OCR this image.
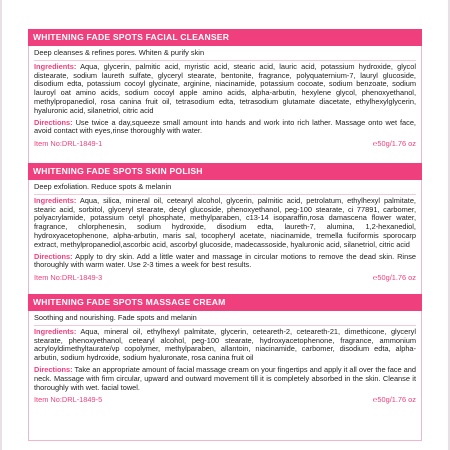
WHITENING FADE SPOTS FACIAL CLEANSER
Deep cleanses & refines pores. Whiten & purify skin
Ingredients: Aqua, glycerin, palmitic acid, myristic acid, stearic acid, lauric acid, potassium hydroxide, glycol distearate, sodium laureth sulfate, glyceryl stearate, bentonite, fragrance, polyquaternium-7, lauryl glucoside, disodium edta, potassium cocoyl glycinate, arginine, niacinamide, potassium cocoate, sodium benzoate, sodium lauroyl oat amino acids, sodium cocoyl apple amino acids, alpha-arbutin, hexylene glycol, phenoxyethanol, methylpropanediol, rosa canina fruit oil, tetrasodium edta, tetrasodium glutamate diacetate, ethylhexylglycerin, hyaluronic acid, silanetriol, citric acid
Directions: Use twice a day,squeeze small amount into hands and work into rich lather. Massage onto wet face, avoid contact with eyes,rinse thoroughly with water.
Item No:DRL-1849-1	℮50g/1.76 oz
WHITENING FADE SPOTS SKIN POLISH
Deep exfoliation. Reduce spots & melanin
Ingredients: Aqua, silica, mineral oil, cetearyl alcohol, glycerin, palmitic acid, petrolatum, ethylhexyl palmitate, stearic acid, sorbitol, glyceryl stearate, decyl glucoside, phenoxyethanol, peg-100 stearate, ci 77891, carbomer, polyacrylamide, potassium cetyl phosphate, methylparaben, c13-14 isoparaffin,rosa damascena flower water, fragrance, chlorphenesin, sodium hydroxide, disodium edta, laureth-7, alumina, 1,2-hexanediol, hydroxyacetophenone, alpha-arbutin, maris sal, tocopheryl acetate, niacinamide, tremella fuciformis sporocarp extract, methylpropanediol,ascorbic acid, ascorbyl glucoside, madecassoside, hyaluronic acid, silanetriol, citric acid
Directions: Apply to dry skin. Add a little water and massage in circular motions to remove the dead skin. Rinse thoroughly with warm water. Use 2-3 times a week for best results.
Item No:DRL-1849-3	℮50g/1.76 oz
WHITENING FADE SPOTS MASSAGE CREAM
Soothing and nourishing. Fade spots and melanin
Ingredients: Aqua, mineral oil, ethylhexyl palmitate, glycerin, ceteareth-2, ceteareth-21, dimethicone, glyceryl stearate, phenoxyethanol, cetearyl alcohol, peg-100 stearate, hydroxyacetophenone, fragrance, ammonium acryloyldimethyltaurate/vp copolymer, methylparaben, allantoin, niacinamide, carbomer, disodium edta, alpha-arbutin, sodium hydroxide, sodium hyaluronate, rosa canina fruit oil
Directions: Take an appropriate amount of facial massage cream on your fingertips and apply it all over the face and neck. Massage with firm circular, upward and outward movement till it is completely absorbed in the skin. Cleanse it thoroughly with wet. facial towel.
Item No:DRL-1849-5	℮50g/1.76 oz
